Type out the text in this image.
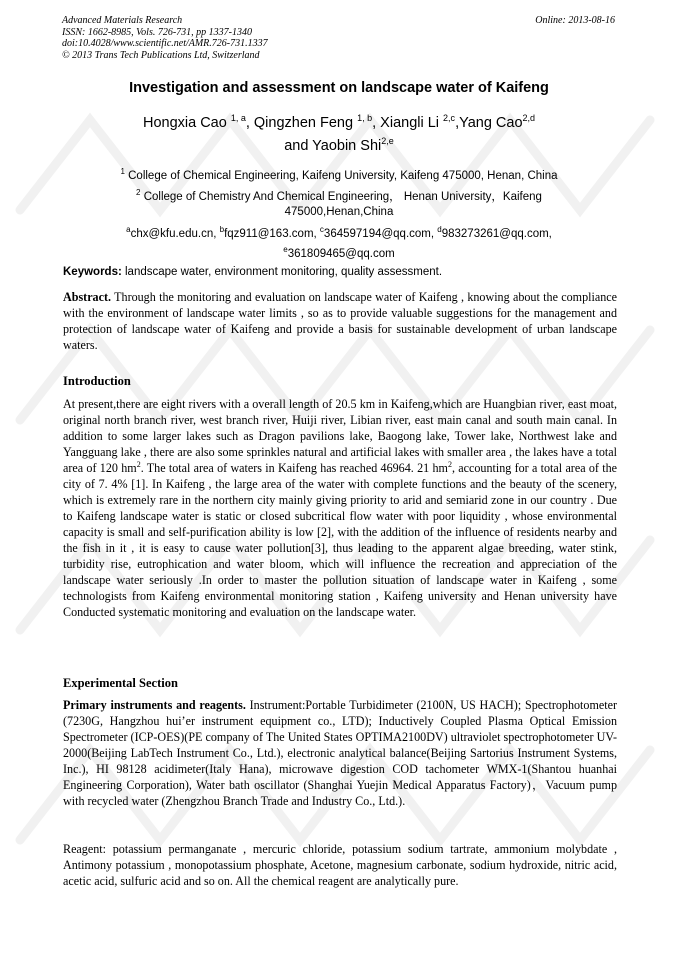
Advanced Materials Research
ISSN: 1662-8985, Vols. 726-731, pp 1337-1340
doi:10.4028/www.scientific.net/AMR.726-731.1337
© 2013 Trans Tech Publications Ltd, Switzerland
Online: 2013-08-16
Investigation and assessment on landscape water of Kaifeng
Hongxia Cao $^{1, a}$, Qingzhen Feng $^{1, b}$, Xiangli Li $^{2,c}$,Yang Cao$^{2,d}$
and Yaobin Shi$^{2,e}$
$^1$ College of Chemical Engineering, Kaifeng University, Kaifeng 475000, Henan, China
$^2$ College of Chemistry And Chemical Engineering， Henan University，Kaifeng
475000,Henan,China
$^a$chx@kfu.edu.cn, $^b$fqz911@163.com, $^c$364597194@qq.com, $^d$983273261@qq.com,
$^e$361809465@qq.com
Keywords: landscape water, environment monitoring, quality assessment.
Abstract. Through the monitoring and evaluation on landscape water of Kaifeng , knowing about the compliance with the environment of landscape water limits , so as to provide valuable suggestions for the management and protection of landscape water of Kaifeng and provide a basis for sustainable development of urban landscape waters.
Introduction
At present,there are eight rivers with a overall length of 20.5 km in Kaifeng,which are Huangbian river, east moat, original north branch river, west branch river, Huiji river, Libian river, east main canal and south main canal. In addition to some larger lakes such as Dragon pavilions lake, Baogong lake, Tower lake, Northwest lake and Yangguang lake , there are also some sprinkles natural and artificial lakes with smaller area , the lakes have a total area of 120 $hm^2$. The total area of waters in Kaifeng has reached 46964. 21 $hm^2$, accounting for a total area of the city of 7. 4% [1]. In Kaifeng , the large area of the water with complete functions and the beauty of the scenery, which is extremely rare in the northern city mainly giving priority to arid and semiarid zone in our country . Due to Kaifeng landscape water is static or closed subcritical flow water with poor liquidity , whose environmental capacity is small and self-purification ability is low [2], with the addition of the influence of residents nearby and the fish in it , it is easy to cause water pollution[3], thus leading to the apparent algae breeding, water stink, turbidity rise, eutrophication and water bloom, which will influence the recreation and appreciation of the landscape water seriously .In order to master the pollution situation of landscape water in Kaifeng , some technologists from Kaifeng environmental monitoring station , Kaifeng university and Henan university have Conducted systematic monitoring and evaluation on the landscape water.
Experimental Section
Primary instruments and reagents. Instrument:Portable Turbidimeter (2100N, US HACH); Spectrophotometer (7230G, Hangzhou hui’er instrument equipment co., LTD); Inductively Coupled Plasma Optical Emission Spectrometer (ICP-OES)(PE company of The United States OPTIMA2100DV) ultraviolet spectrophotometer UV-2000(Beijing LabTech Instrument Co., Ltd.), electronic analytical balance(Beijing Sartorius Instrument Systems, Inc.), HI 98128 acidimeter(Italy Hana), microwave digestion COD tachometer WMX-1(Shantou huanhai Engineering Corporation), Water bath oscillator (Shanghai Yuejin Medical Apparatus Factory)，Vacuum pump with recycled water (Zhengzhou Branch Trade and Industry Co., Ltd.).
Reagent: potassium permanganate , mercuric chloride, potassium sodium tartrate, ammonium molybdate , Antimony potassium , monopotassium phosphate, Acetone, magnesium carbonate, sodium hydroxide, nitric acid, acetic acid, sulfuric acid and so on. All the chemical reagent are analytically pure.
